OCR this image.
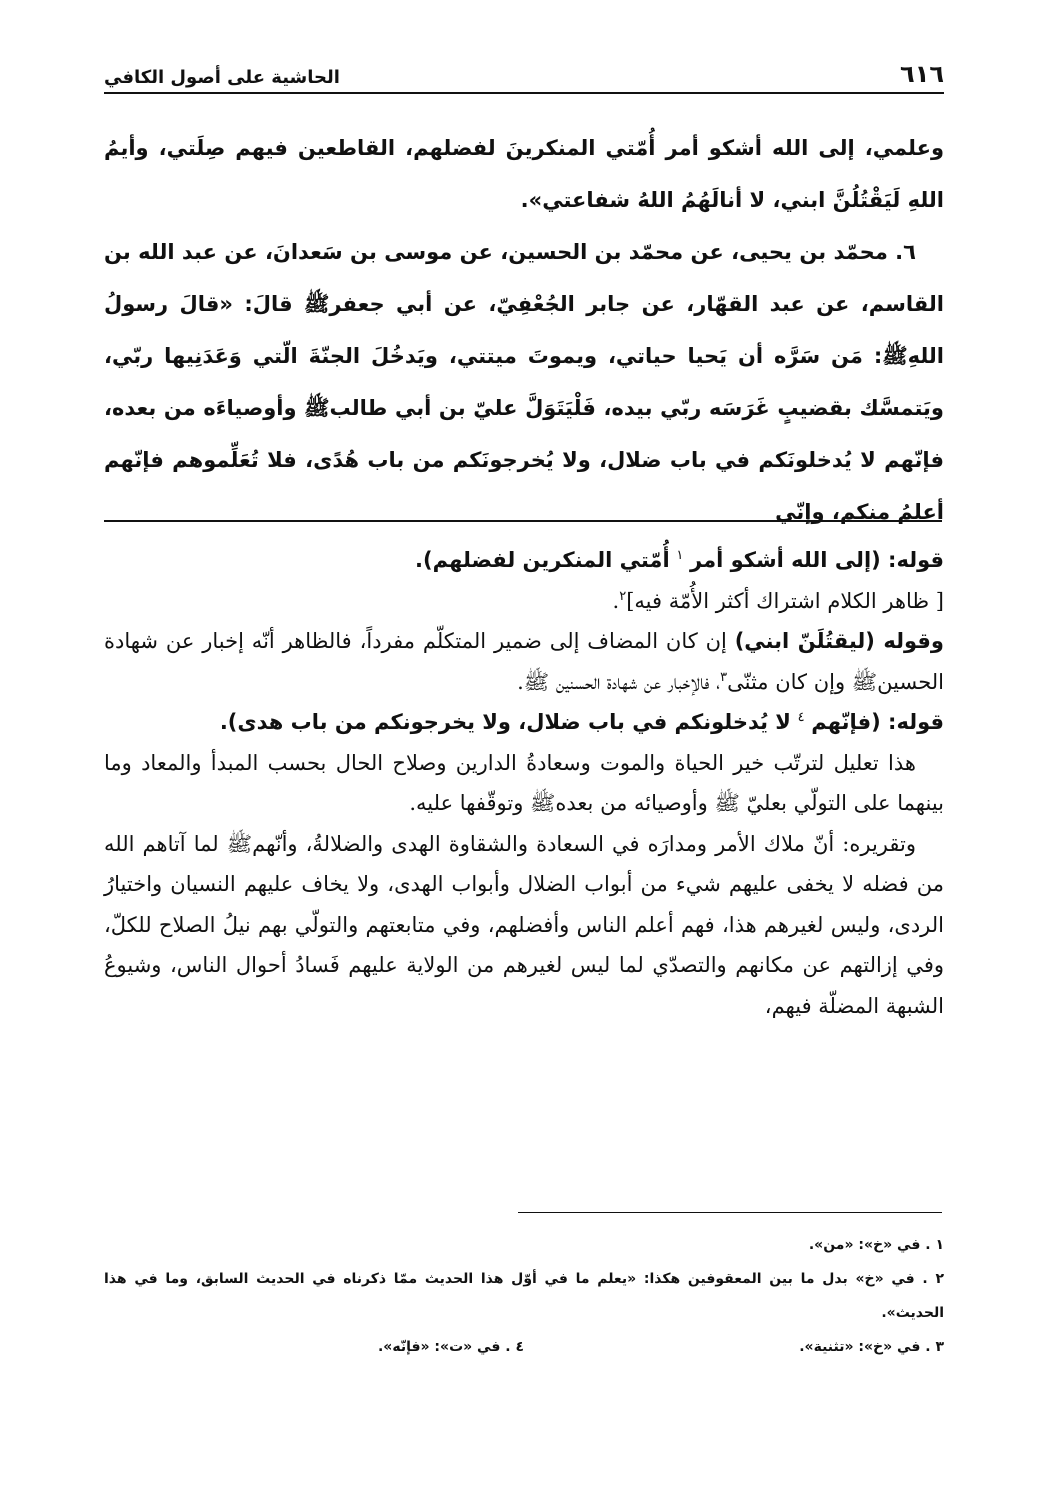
٦١٦
الحاشية على أصول الكافي

وعلمي، إلى الله أشكو أمر أُمّتي المنكرينَ لفضلهم، القاطعين فيهم صِلَتي، وأيمُ اللهِ لَيَقْتُلُنَّ ابني، لا أنالَهُمُ اللهُ شفاعتي».

٦. محمّد بن يحيى، عن محمّد بن الحسين، عن موسى بن سَعدانَ، عن عبد الله بن القاسم، عن عبد القهّار، عن جابر الجُعْفِيّ، عن أبي جعفرﷺ قالَ: «قالَ رسولُ اللهِﷺ: مَن سَرَّه أن يَحيا حياتي، ويموتَ ميتتي، ويَدخُلَ الجنّةَ الّتي وَعَدَنِيها ربّي، ويَتمسَّك بقضيبٍ غَرَسَه ربّي بيده، فَلْيَتَوَلَّ عليّ بن أبي طالبﷺ وأوصياءَه من بعده، فإنّهم لا يُدخلونَكم في باب ضلال، ولا يُخرجونَكم من باب هُدًى، فلا تُعَلِّموهم فإنّهم أعلمُ منكم، وإنّي

قوله: (إلى الله أشكو أمر $^١$ أُمّتي المنكرين لفضلهم).

[ ظاهر الكلام اشتراك أكثر الأُمّة فيه]$^٢$.

وقوله (ليقتُلَنّ ابني) إن كان المضاف إلى ضمير المتكلّم مفرداً، فالظاهر أنّه إخبار عن شهادة الحسينﷺ وإن كان مثنّى$^٣$، فالإخبار عن شهادة الحسنين ﷺ.

قوله: (فإنّهم $^٤$ لا يُدخلونكم في باب ضلال، ولا يخرجونكم من باب هدى).

هذا تعليل لترتّب خير الحياة والموت وسعادةُ الدارين وصلاح الحال بحسب المبدأ والمعاد وما بينهما على التولّي بعليّ ﷺ وأوصيائه من بعدهﷺ وتوقّفها عليه.

وتقريره: أنّ ملاك الأمر ومدارَه في السعادة والشقاوة الهدى والضلالةُ، وأنّهمﷺ لما آتاهم الله من فضله لا يخفى عليهم شيء من أبواب الضلال وأبواب الهدى، ولا يخاف عليهم النسيان واختيارُ الردى، وليس لغيرهم هذا، فهم أعلم الناس وأفضلهم، وفي متابعتهم والتولّي بهم نيلُ الصلاح للكلّ، وفي إزالتهم عن مكانهم والتصدّي لما ليس لغيرهم من الولاية عليهم فَسادُ أحوال الناس، وشيوعُ الشبهة المضلّة فيهم،

١ . في «خ»: «من».

٢ . في «خ» بدل ما بين المعقوفين هكذا: «يعلم ما في أوّل هذا الحديث ممّا ذكرناه في الحديث السابق، وما في هذا الحديث».

٣ . في «خ»: «تثنية».

٤ . في «ت»: «فإنّه».
